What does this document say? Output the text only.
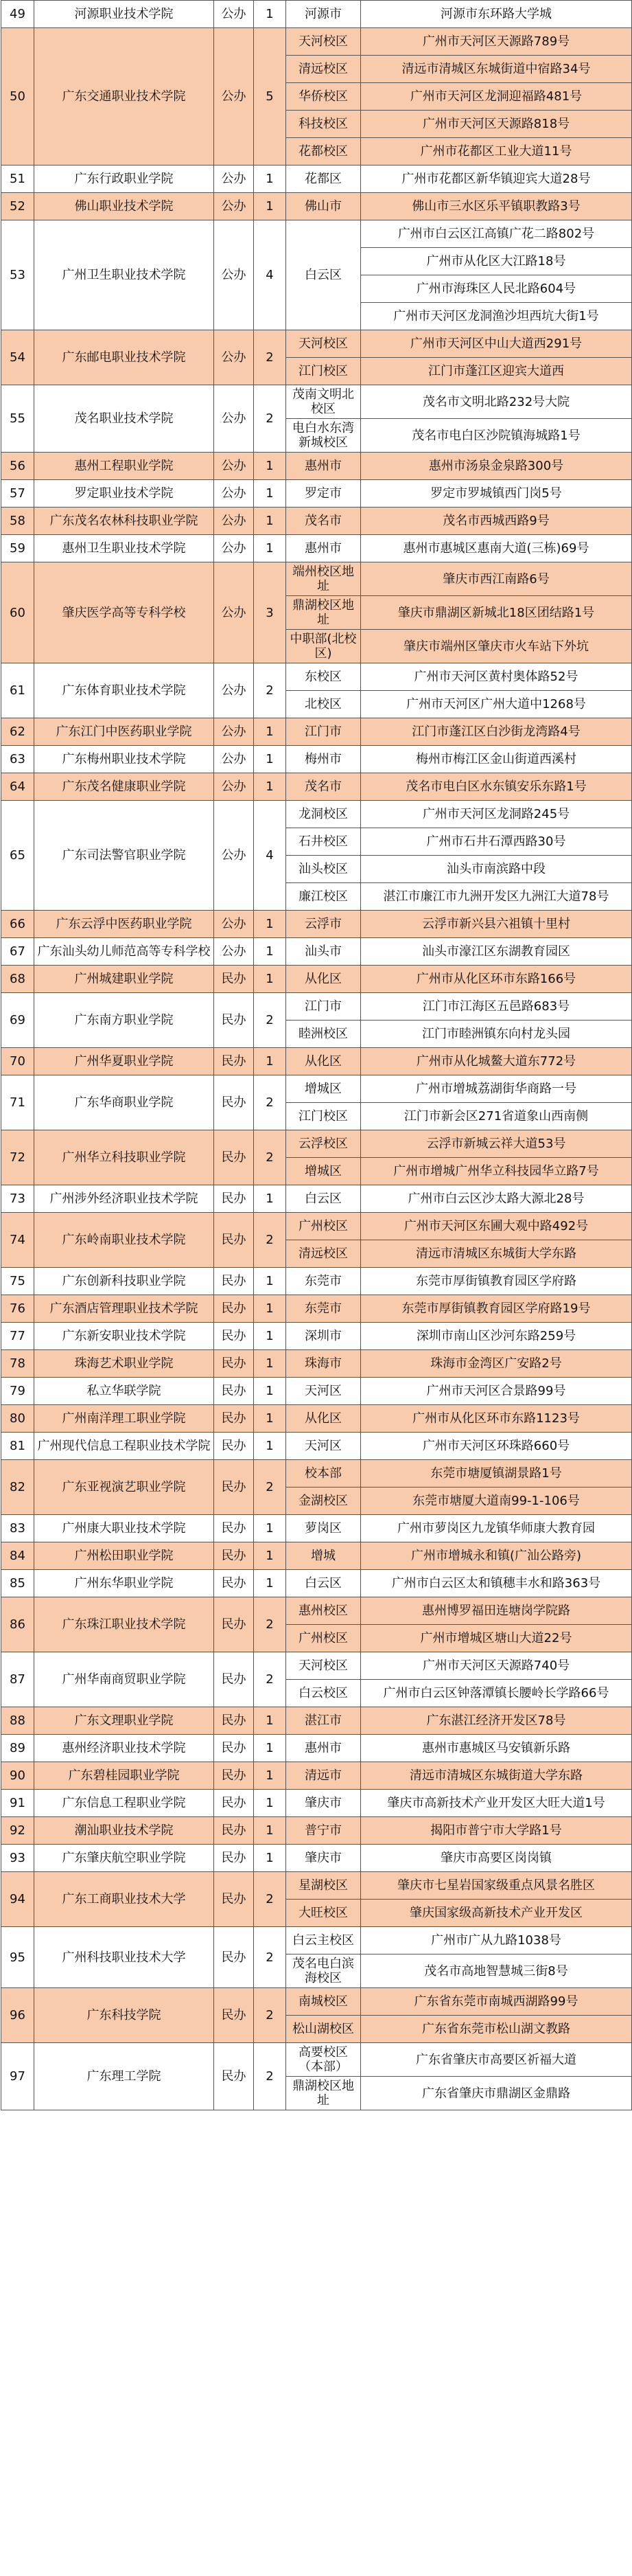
49	河源职业技术学院	公办	1	河源市	河源市东环路大学城
50	广东交通职业技术学院	公办	5	天河校区	广州市天河区天源路789号
				清远校区	清远市清城区东城街道中宿路34号
				华侨校区	广州市天河区龙洞迎福路481号
				科技校区	广州市天河区天源路818号
				花都校区	广州市花都区工业大道11号
51	广东行政职业学院	公办	1	花都区	广州市花都区新华镇迎宾大道28号
52	佛山职业技术学院	公办	1	佛山市	佛山市三水区乐平镇职教路3号
53	广州卫生职业技术学院	公办	4	白云区	广州市白云区江高镇广花二路802号
					广州市从化区大江路18号
					广州市海珠区人民北路604号
					广州市天河区龙洞渔沙坦西坑大街1号
54	广东邮电职业技术学院	公办	2	天河校区	广州市天河区中山大道西291号
				江门校区	江门市蓬江区迎宾大道西
55	茂名职业技术学院	公办	2	茂南文明北校区	茂名市文明北路232号大院
				电白水东湾新城校区	茂名市电白区沙院镇海城路1号
56	惠州工程职业学院	公办	1	惠州市	惠州市汤泉金泉路300号
57	罗定职业技术学院	公办	1	罗定市	罗定市罗城镇西门岗5号
58	广东茂名农林科技职业学院	公办	1	茂名市	茂名市西城西路9号
59	惠州卫生职业技术学院	公办	1	惠州市	惠州市惠城区惠南大道(三栋)69号
60	肇庆医学高等专科学校	公办	3	端州校区地址	肇庆市西江南路6号
				鼎湖校区地址	肇庆市鼎湖区新城北18区团结路1号
				中职部(北校区)	肇庆市端州区肇庆市火车站下外坑
61	广东体育职业技术学院	公办	2	东校区	广州市天河区黄村奥体路52号
				北校区	广州市天河区广州大道中1268号
62	广东江门中医药职业学院	公办	1	江门市	江门市蓬江区白沙街龙湾路4号
63	广东梅州职业技术学院	公办	1	梅州市	梅州市梅江区金山街道西溪村
64	广东茂名健康职业学院	公办	1	茂名市	茂名市电白区水东镇安乐东路1号
65	广东司法警官职业学院	公办	4	龙洞校区	广州市天河区龙洞路245号
				石井校区	广州市石井石潭西路30号
				汕头校区	汕头市南滨路中段
				廉江校区	湛江市廉江市九洲开发区九洲江大道78号
66	广东云浮中医药职业学院	公办	1	云浮市	云浮市新兴县六祖镇十里村
67	广东汕头幼儿师范高等专科学校	公办	1	汕头市	汕头市濠江区东湖教育园区
68	广州城建职业学院	民办	1	从化区	广州市从化区环市东路166号
69	广东南方职业学院	民办	2	江门市	江门市江海区五邑路683号
				睦洲校区	江门市睦洲镇东向村龙头园
70	广州华夏职业学院	民办	1	从化区	广州市从化城鳌大道东772号
71	广东华商职业学院	民办	2	增城区	广州市增城荔湖街华商路一号
				江门校区	江门市新会区271省道象山西南侧
72	广州华立科技职业学院	民办	2	云浮校区	云浮市新城云祥大道53号
				增城区	广州市增城广州华立科技园华立路7号
73	广州涉外经济职业技术学院	民办	1	白云区	广州市白云区沙太路大源北28号
74	广东岭南职业技术学院	民办	2	广州校区	广州市天河区东圃大观中路492号
				清远校区	清远市清城区东城街大学东路
75	广东创新科技职业学院	民办	1	东莞市	东莞市厚街镇教育园区学府路
76	广东酒店管理职业技术学院	民办	1	东莞市	东莞市厚街镇教育园区学府路19号
77	广东新安职业技术学院	民办	1	深圳市	深圳市南山区沙河东路259号
78	珠海艺术职业学院	民办	1	珠海市	珠海市金湾区广安路2号
79	私立华联学院	民办	1	天河区	广州市天河区合景路99号
80	广州南洋理工职业学院	民办	1	从化区	广州市从化区环市东路1123号
81	广州现代信息工程职业技术学院	民办	1	天河区	广州市天河区环珠路660号
82	广东亚视演艺职业学院	民办	2	校本部	东莞市塘厦镇湖景路1号
				金湖校区	东莞市塘厦大道南99-1-106号
83	广州康大职业技术学院	民办	1	萝岗区	广州市萝岗区九龙镇华师康大教育园
84	广州松田职业学院	民办	1	增城	广州市增城永和镇(广汕公路旁)
85	广州东华职业学院	民办	1	白云区	广州市白云区太和镇穗丰水和路363号
86	广东珠江职业技术学院	民办	2	惠州校区	惠州博罗福田连塘岗学院路
				广州校区	广州市增城区塘山大道22号
87	广州华南商贸职业学院	民办	2	天河校区	广州市天河区天源路740号
				白云校区	广州市白云区钟落潭镇长腰岭长学路66号
88	广东文理职业学院	民办	1	湛江市	广东湛江经济开发区78号
89	惠州经济职业技术学院	民办	1	惠州市	惠州市惠城区马安镇新乐路
90	广东碧桂园职业学院	民办	1	清远市	清远市清城区东城街道大学东路
91	广东信息工程职业学院	民办	1	肇庆市	肇庆市高新技术产业开发区大旺大道1号
92	潮汕职业技术学院	民办	1	普宁市	揭阳市普宁市大学路1号
93	广东肇庆航空职业学院	民办	1	肇庆市	肇庆市高要区岗岗镇
94	广东工商职业技术大学	民办	2	星湖校区	肇庆市七星岩国家级重点风景名胜区
				大旺校区	肇庆国家级高新技术产业开发区
95	广州科技职业技术大学	民办	2	白云主校区	广州市广从九路1038号
				茂名电白滨海校区	茂名市高地智慧城三街8号
96	广东科技学院	民办	2	南城校区	广东省东莞市南城西湖路99号
				松山湖校区	广东省东莞市松山湖文教路
97	广东理工学院	民办	2	高要校区（本部）	广东省肇庆市高要区祈福大道
				鼎湖校区地址	广东省肇庆市鼎湖区金鼎路
